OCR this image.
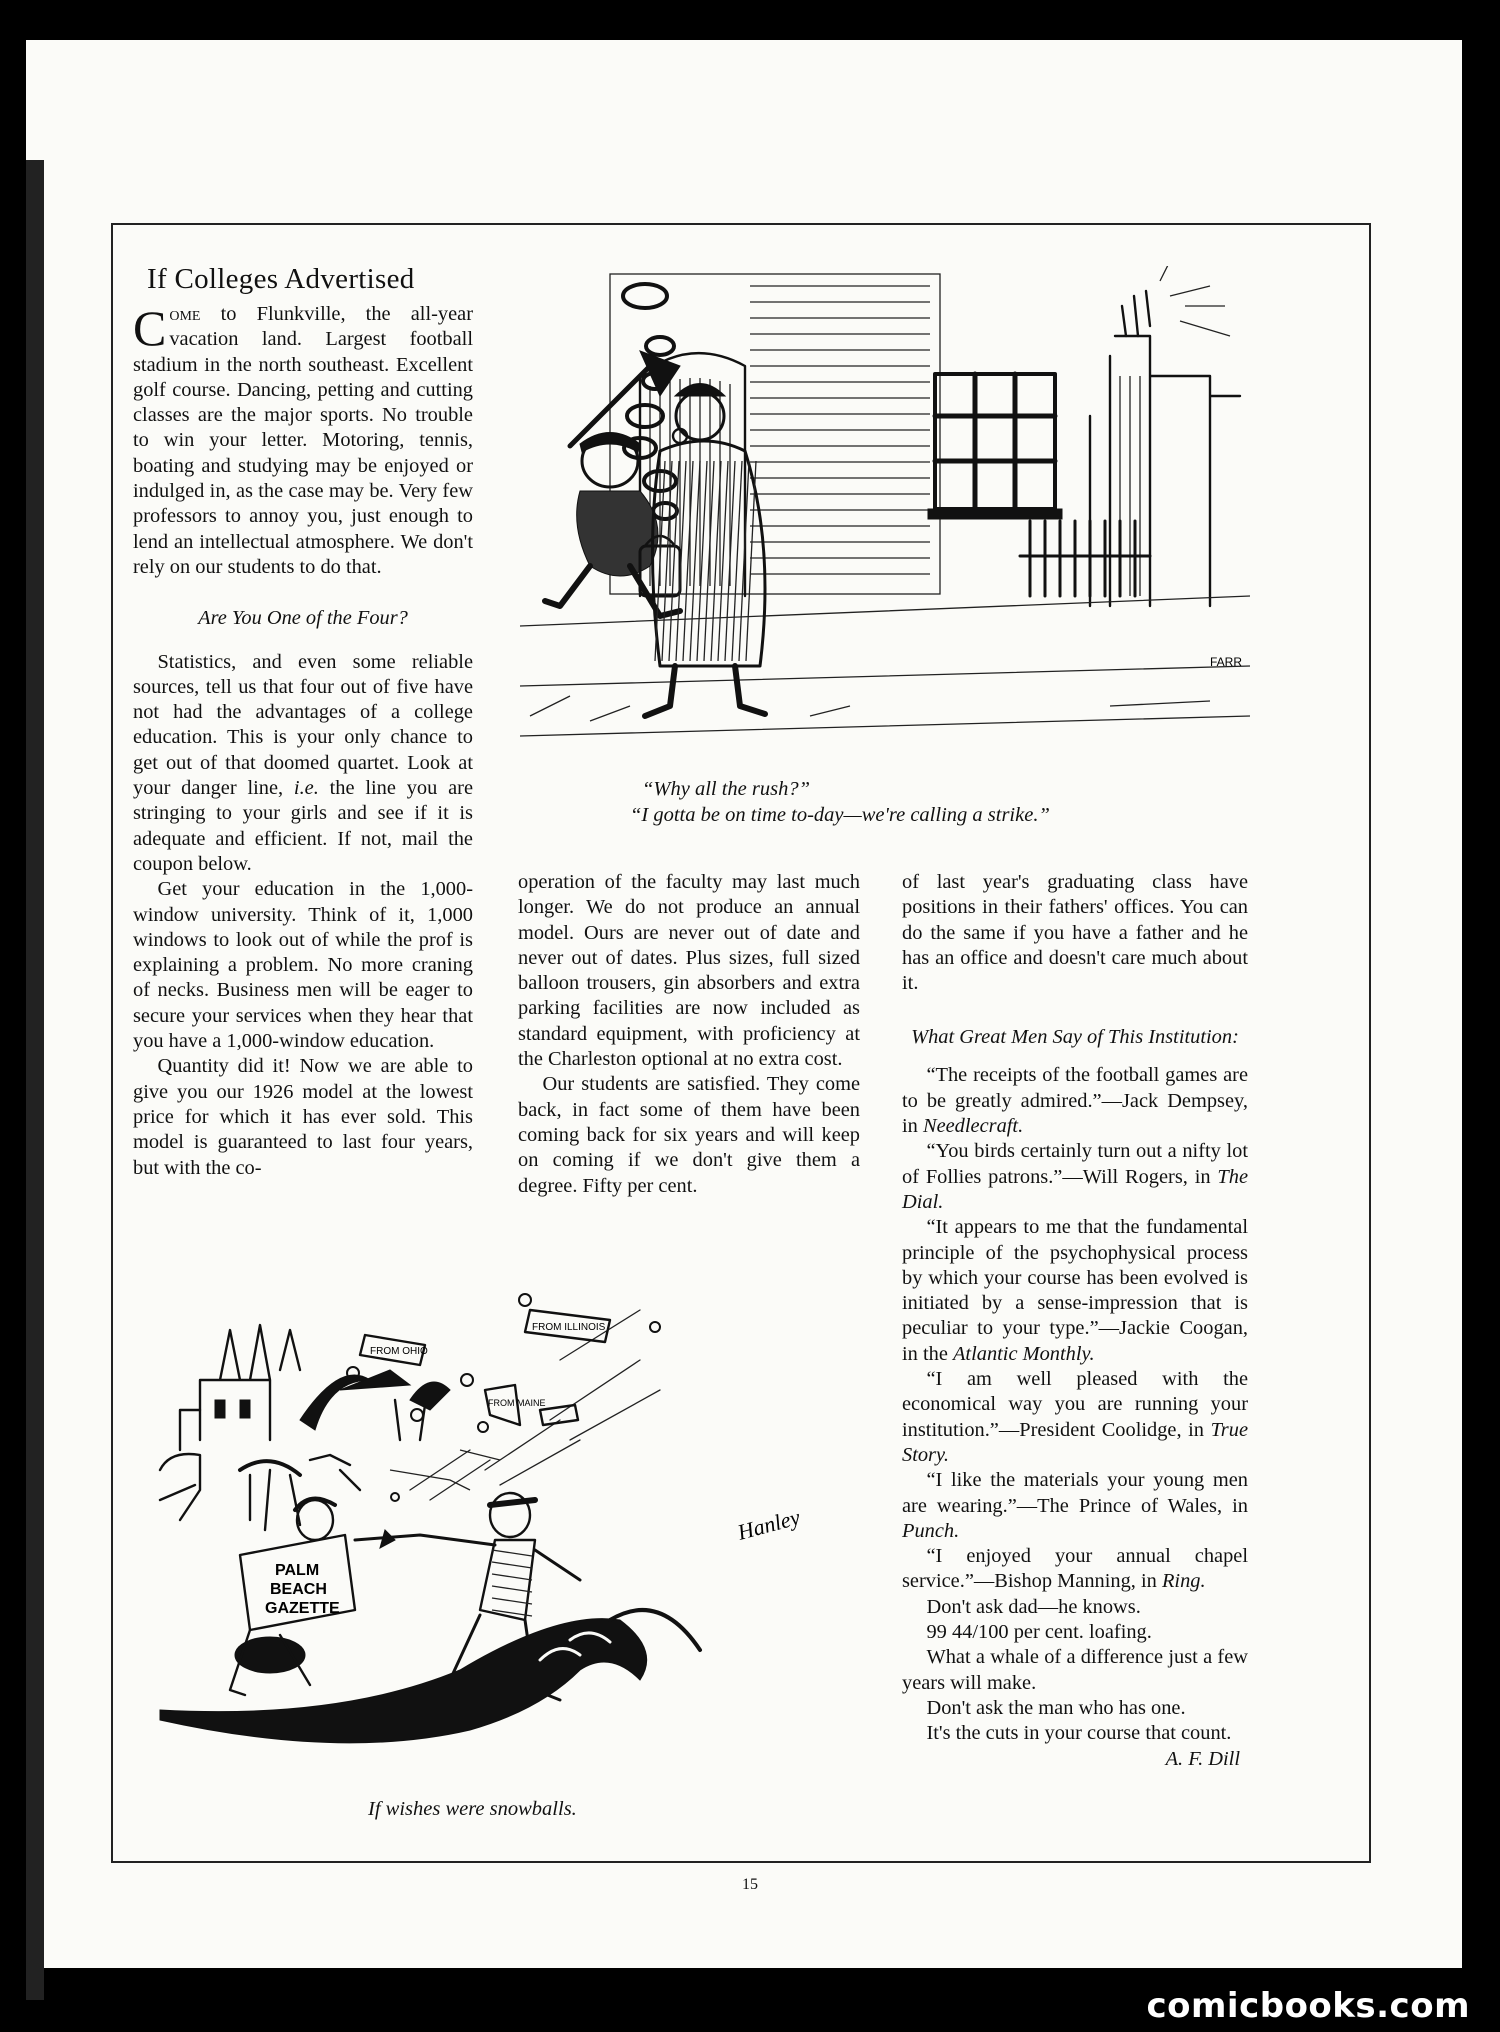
If Colleges Advertised

Come to Flunkville, the all-year vacation land. Largest football stadium in the north southeast. Excellent golf course. Dancing, petting and cutting classes are the major sports. No trouble to win your letter. Motoring, tennis, boating and studying may be enjoyed or indulged in, as the case may be. Very few professors to annoy you, just enough to lend an intellectual atmosphere. We don't rely on our students to do that.

Are You One of the Four?

Statistics, and even some reliable sources, tell us that four out of five have not had the advantages of a college education. This is your only chance to get out of that doomed quartet. Look at your danger line, i.e. the line you are stringing to your girls and see if it is adequate and efficient. If not, mail the coupon below.

Get your education in the 1,000-window university. Think of it, 1,000 windows to look out of while the prof is explaining a problem. No more craning of necks. Business men will be eager to secure your services when they hear that you have a 1,000-window education.

Quantity did it! Now we are able to give you our 1926 model at the lowest price for which it has ever sold. This model is guaranteed to last four years, but with the co-

operation of the faculty may last much longer. We do not produce an annual model. Ours are never out of date and never out of dates. Plus sizes, full sized balloon trousers, gin absorbers and extra parking facilities are now included as standard equipment, with proficiency at the Charleston optional at no extra cost.

Our students are satisfied. They come back, in fact some of them have been coming back for six years and will keep on coming if we don't give them a degree. Fifty per cent.

of last year's graduating class have positions in their fathers' offices. You can do the same if you have a father and he has an office and doesn't care much about it.

What Great Men Say of This Institution:

“The receipts of the football games are to be greatly admired.”—Jack Dempsey, in Needlecraft.

“You birds certainly turn out a nifty lot of Follies patrons.”—Will Rogers, in The Dial.

“It appears to me that the fundamental principle of the psychophysical process by which your course has been evolved is initiated by a sense-impression that is peculiar to your type.”—Jackie Coogan, in the Atlantic Monthly.

“I am well pleased with the economical way you are running your institution.”—President Coolidge, in True Story.

“I like the materials your young men are wearing.”—The Prince of Wales, in Punch.

“I enjoyed your annual chapel service.”—Bishop Manning, in Ring.

Don't ask dad—he knows.

99 44/100 per cent. loafing.

What a whale of a difference just a few years will make.

Don't ask the man who has one.

It's the cuts in your course that count.
A. F. Dill

FARR
“Why all the rush?”
“I gotta be on time to-day—we're calling a strike.”
FROM OHIO
FROM ILLINOIS
FROM MAINE
PALM
BEACH
GAZETTE
Hanley
If wishes were snowballs.
15
comicbooks.com
